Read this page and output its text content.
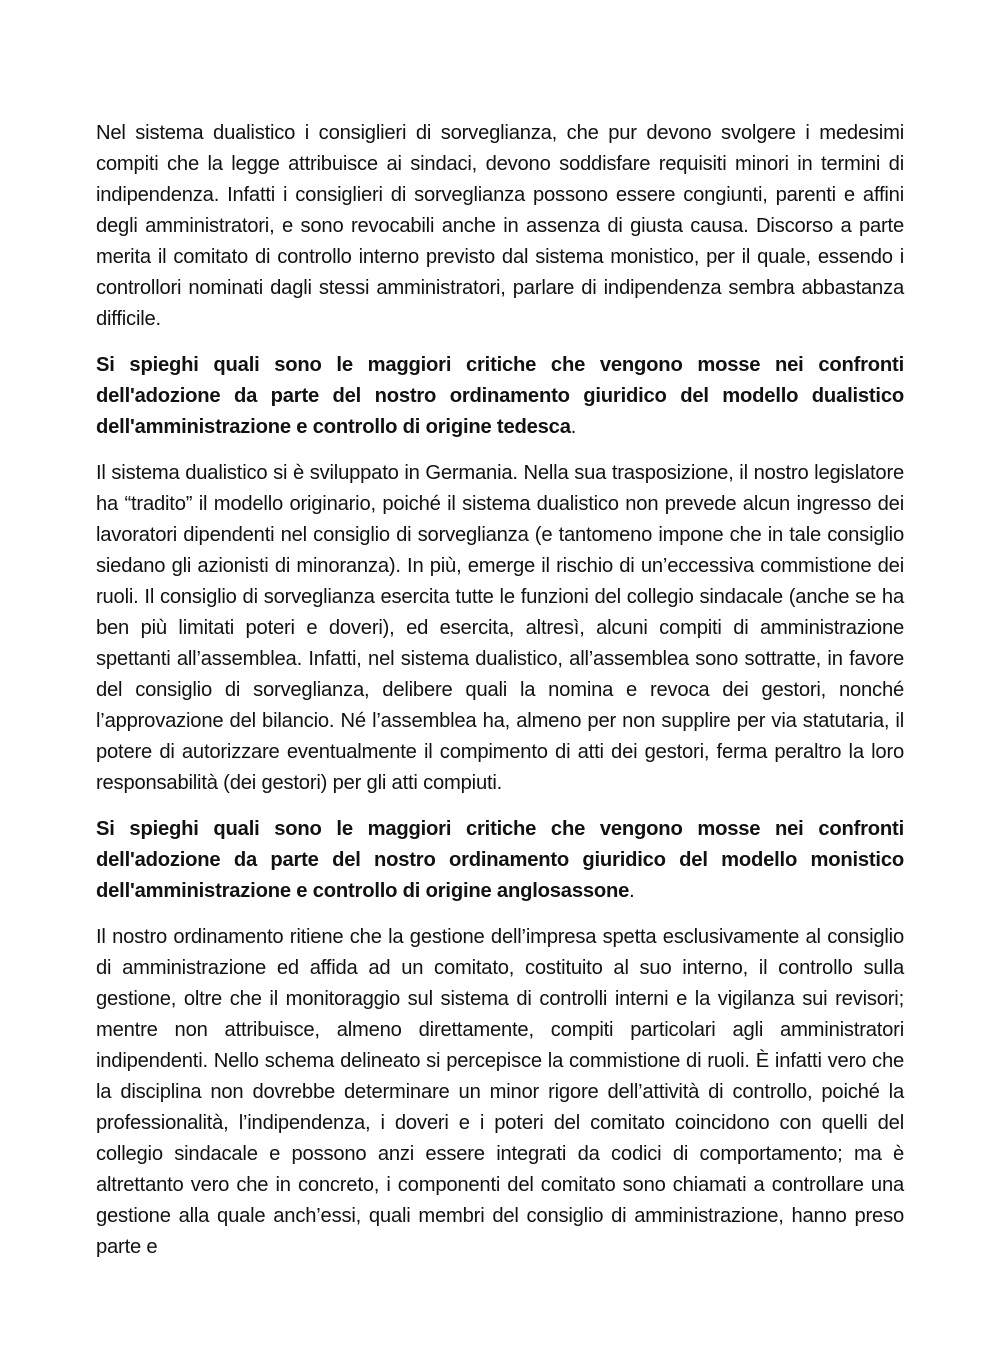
Nel sistema dualistico i consiglieri di sorveglianza, che pur devono svolgere i medesimi compiti che la legge attribuisce ai sindaci, devono soddisfare requisiti minori in termini di indipendenza. Infatti i consiglieri di sorveglianza possono essere congiunti, parenti e affini degli amministratori, e sono revocabili anche in assenza di giusta causa. Discorso a parte merita il comitato di controllo interno previsto dal sistema monistico, per il quale, essendo i controllori nominati dagli stessi amministratori, parlare di indipendenza sembra abbastanza difficile.

Si spieghi quali sono le maggiori critiche che vengono mosse nei confronti dell'adozione da parte del nostro ordinamento giuridico del modello dualistico dell'amministrazione e controllo di origine tedesca.

Il sistema dualistico si è sviluppato in Germania. Nella sua trasposizione, il nostro legislatore ha “tradito” il modello originario, poiché il sistema dualistico non prevede alcun ingresso dei lavoratori dipendenti nel consiglio di sorveglianza (e tantomeno impone che in tale consiglio siedano gli azionisti di minoranza). In più, emerge il rischio di un’eccessiva commistione dei ruoli. Il consiglio di sorveglianza esercita tutte le funzioni del collegio sindacale (anche se ha ben più limitati poteri e doveri), ed esercita, altresì, alcuni compiti di amministrazione spettanti all’assemblea. Infatti, nel sistema dualistico, all’assemblea sono sottratte, in favore del consiglio di sorveglianza, delibere quali la nomina e revoca dei gestori, nonché l’approvazione del bilancio. Né l’assemblea ha, almeno per non supplire per via statutaria, il potere di autorizzare eventualmente il compimento di atti dei gestori, ferma peraltro la loro responsabilità (dei gestori) per gli atti compiuti.

Si spieghi quali sono le maggiori critiche che vengono mosse nei confronti dell'adozione da parte del nostro ordinamento giuridico del modello monistico dell'amministrazione e controllo di origine anglosassone.

Il nostro ordinamento ritiene che la gestione dell’impresa spetta esclusivamente al consiglio di amministrazione ed affida ad un comitato, costituito al suo interno, il controllo sulla gestione, oltre che il monitoraggio sul sistema di controlli interni e la vigilanza sui revisori; mentre non attribuisce, almeno direttamente, compiti particolari agli amministratori indipendenti. Nello schema delineato si percepisce la commistione di ruoli. È infatti vero che la disciplina non dovrebbe determinare un minor rigore dell’attività di controllo, poiché la professionalità, l’indipendenza, i doveri e i poteri del comitato coincidono con quelli del collegio sindacale e possono anzi essere integrati da codici di comportamento; ma è altrettanto vero che in concreto, i componenti del comitato sono chiamati a controllare una gestione alla quale anch’essi, quali membri del consiglio di amministrazione, hanno preso parte e
